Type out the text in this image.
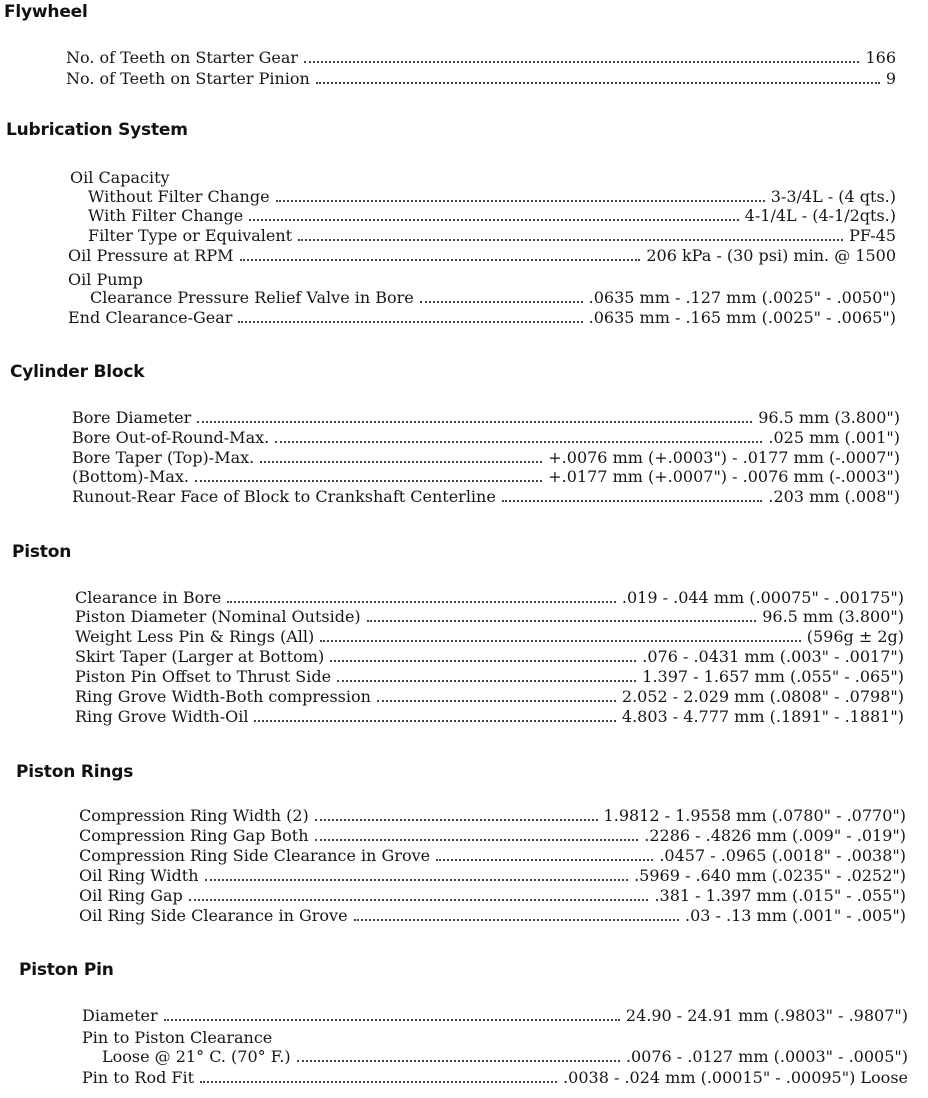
Flywheel
No. of Teeth on Starter Gear	166
No. of Teeth on Starter Pinion	9
Lubrication System
Oil Capacity
Without Filter Change	3-3/4L - (4 qts.)
With Filter Change	4-1/4L - (4-1/2qts.)
Filter Type or Equivalent	PF-45
Oil Pressure at RPM	206 kPa - (30 psi) min. @ 1500
Oil Pump
Clearance Pressure Relief Valve in Bore	.0635 mm - .127 mm (.0025" - .0050")
End Clearance-Gear	.0635 mm - .165 mm (.0025" - .0065")
Cylinder Block
Bore Diameter	96.5 mm (3.800")
Bore Out-of-Round-Max.	.025 mm (.001")
Bore Taper (Top)-Max.	+.0076 mm (+.0003") - .0177 mm (-.0007")
(Bottom)-Max.	+.0177 mm (+.0007") - .0076 mm (-.0003")
Runout-Rear Face of Block to Crankshaft Centerline	.203 mm (.008")
Piston
Clearance in Bore	.019 - .044 mm (.00075" - .00175")
Piston Diameter (Nominal Outside)	96.5 mm (3.800")
Weight Less Pin & Rings (All)	(596g ± 2g)
Skirt Taper (Larger at Bottom)	.076 - .0431 mm (.003" - .0017")
Piston Pin Offset to Thrust Side	1.397 - 1.657 mm (.055" - .065")
Ring Grove Width-Both compression	2.052 - 2.029 mm (.0808" - .0798")
Ring Grove Width-Oil	4.803 - 4.777 mm (.1891" - .1881")
Piston Rings
Compression Ring Width (2)	1.9812 - 1.9558 mm (.0780" - .0770")
Compression Ring Gap Both	.2286 - .4826 mm (.009" - .019")
Compression Ring Side Clearance in Grove	.0457 - .0965 (.0018" - .0038")
Oil Ring Width	.5969 - .640 mm (.0235" - .0252")
Oil Ring Gap	.381 - 1.397 mm (.015" - .055")
Oil Ring Side Clearance in Grove	.03 - .13 mm (.001" - .005")
Piston Pin
Diameter	24.90 - 24.91 mm (.9803" - .9807")
Pin to Piston Clearance
Loose @ 21° C. (70° F.)	.0076 - .0127 mm (.0003" - .0005")
Pin to Rod Fit	.0038 - .024 mm (.00015" - .00095") Loose
